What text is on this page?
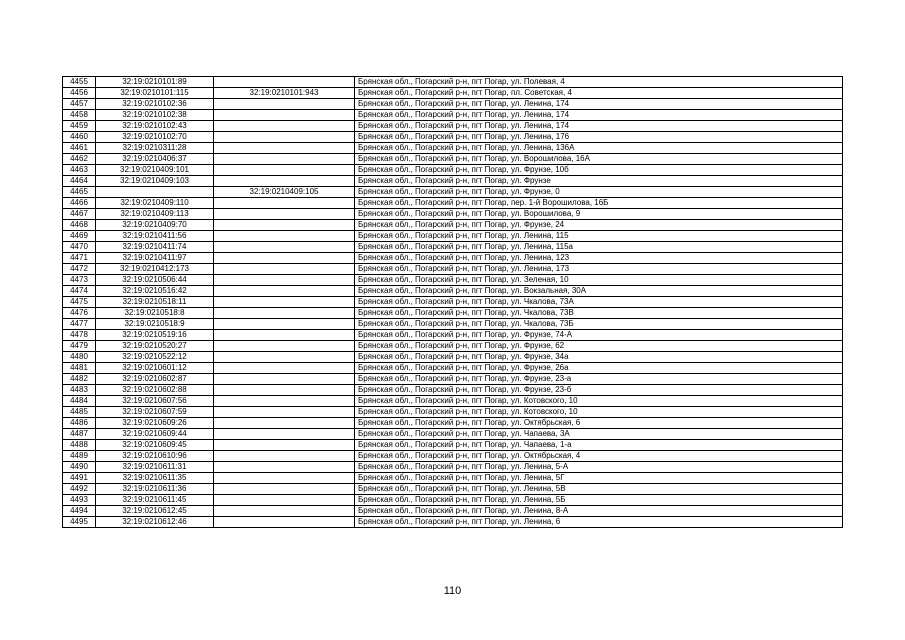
4455	32:19:0210101:89		Брянская обл., Погарский р-н, пгт Погар, ул. Полевая, 4
4456	32:19:0210101:115	32:19:0210101:943	Брянская обл., Погарский р-н, пгт Погар, пл. Советская, 4
4457	32:19:0210102:36		Брянская обл., Погарский р-н, пгт Погар, ул. Ленина, 174
4458	32:19:0210102:38		Брянская обл., Погарский р-н, пгт Погар, ул. Ленина, 174
4459	32:19:0210102:43		Брянская обл., Погарский р-н, пгт Погар, ул. Ленина, 174
4460	32:19:0210102:70		Брянская обл., Погарский р-н, пгт Погар, ул. Ленина, 176
4461	32:19:0210311:28		Брянская обл., Погарский р-н, пгт Погар, ул. Ленина, 136А
4462	32:19:0210406:37		Брянская обл., Погарский р-н, пгт Погар, ул. Ворошилова, 16А
4463	32:19:0210409:101		Брянская обл., Погарский р-н, пгт Погар, ул. Фрунзе, 10б
4464	32:19:0210409:103		Брянская обл., Погарский р-н, пгт Погар, ул. Фрунзе
4465		32:19:0210409:105	Брянская обл., Погарский р-н, пгт Погар, ул. Фрунзе, 0
4466	32:19:0210409:110		Брянская обл., Погарский р-н, пгт Погар, пер. 1-й Ворошилова, 16Б
4467	32:19:0210409:113		Брянская обл., Погарский р-н, пгт Погар, ул. Ворошилова, 9
4468	32:19:0210409:70		Брянская обл., Погарский р-н, пгт Погар, ул. Фрунзе, 24
4469	32:19:0210411:56		Брянская обл., Погарский р-н, пгт Погар, ул. Ленина, 115
4470	32:19:0210411:74		Брянская обл., Погарский р-н, пгт Погар, ул. Ленина, 115а
4471	32:19:0210411:97		Брянская обл., Погарский р-н, пгт Погар, ул. Ленина, 123
4472	32:19:0210412:173		Брянская обл., Погарский р-н, пгт Погар, ул. Ленина, 173
4473	32:19:0210506:44		Брянская обл., Погарский р-н, пгт Погар, ул. Зеленая, 10
4474	32:19:0210516:42		Брянская обл., Погарский р-н, пгт Погар, ул. Вокзальная, 30А
4475	32:19:0210518:11		Брянская обл., Погарский р-н, пгт Погар, ул. Чкалова, 73А
4476	32:19:0210518:8		Брянская обл., Погарский р-н, пгт Погар, ул. Чкалова, 73В
4477	32:19:0210518:9		Брянская обл., Погарский р-н, пгт Погар, ул. Чкалова, 73Б
4478	32:19:0210519:16		Брянская обл., Погарский р-н, пгт Погар, ул. Фрунзе, 74-А
4479	32:19:0210520:27		Брянская обл., Погарский р-н, пгт Погар, ул. Фрунзе, 62
4480	32:19:0210522:12		Брянская обл., Погарский р-н, пгт Погар, ул. Фрунзе, 34а
4481	32:19:0210601:12		Брянская обл., Погарский р-н, пгт Погар, ул. Фрунзе, 26а
4482	32:19:0210602:87		Брянская обл., Погарский р-н, пгт Погар, ул. Фрунзе, 23-а
4483	32:19:0210602:88		Брянская обл., Погарский р-н, пгт Погар, ул. Фрунзе, 23-б
4484	32:19:0210607:56		Брянская обл., Погарский р-н, пгт Погар, ул. Котовского, 10
4485	32:19:0210607:59		Брянская обл., Погарский р-н, пгт Погар, ул. Котовского, 10
4486	32:19:0210609:26		Брянская обл., Погарский р-н, пгт Погар, ул. Октябрьская, 6
4487	32:19:0210609:44		Брянская обл., Погарский р-н, пгт Погар, ул. Чапаева, 3А
4488	32:19:0210609:45		Брянская обл., Погарский р-н, пгт Погар, ул. Чапаева, 1-а
4489	32:19:0210610:96		Брянская обл., Погарский р-н, пгт Погар, ул. Октябрьская, 4
4490	32:19:0210611:31		Брянская обл., Погарский р-н, пгт Погар, ул. Ленина, 5-А
4491	32:19:0210611:35		Брянская обл., Погарский р-н, пгт Погар, ул. Ленина, 5Г
4492	32:19:0210611:36		Брянская обл., Погарский р-н, пгт Погар, ул. Ленина, 5В
4493	32:19:0210611:45		Брянская обл., Погарский р-н, пгт Погар, ул. Ленина, 5Б
4494	32:19:0210612:45		Брянская обл., Погарский р-н, пгт Погар, ул. Ленина, 8-А
4495	32:19:0210612:46		Брянская обл., Погарский р-н, пгт Погар, ул. Ленина, 6
110
